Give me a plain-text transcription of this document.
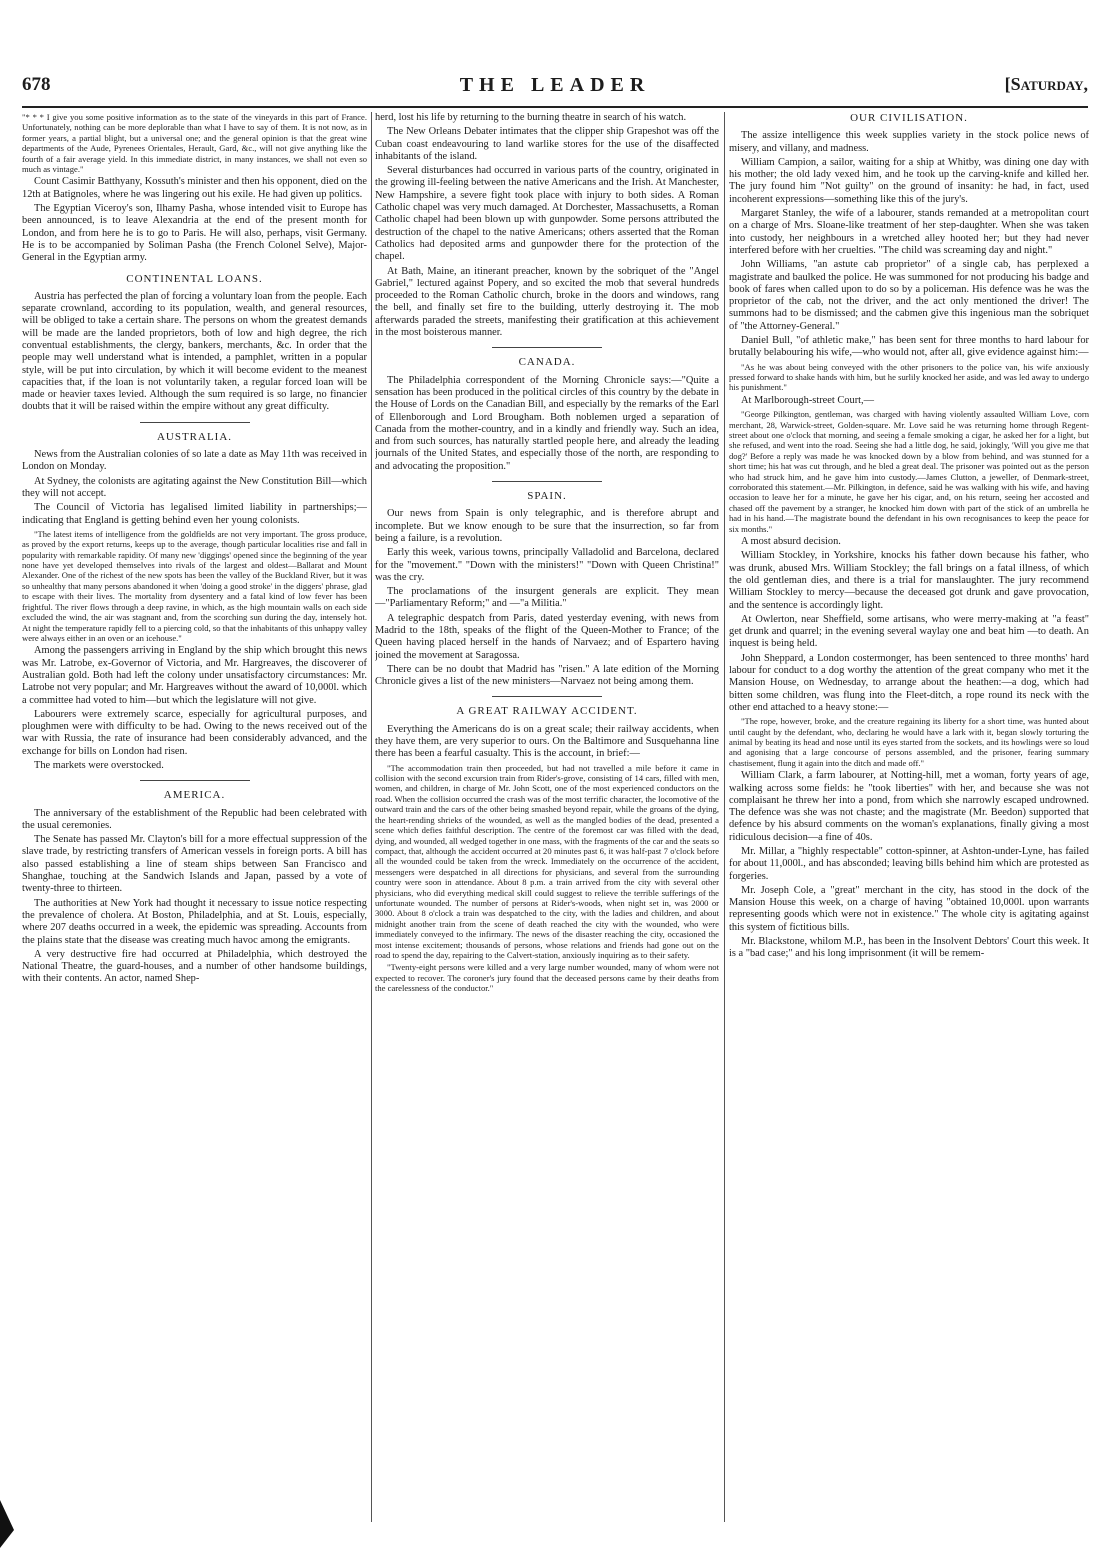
678	THE LEADER	[Saturday,

"* * * I give you some positive information as to the state of the vineyards in this part of France. Unfortunately, nothing can be more deplorable than what I have to say of them. It is not now, as in former years, a partial blight, but a universal one; and the general opinion is that the great wine departments of the Aude, Pyrenees Orientales, Herault, Gard, &c., will not give anything like the fourth of a fair average yield. In this immediate district, in many instances, we shall not even so much as vintage."

Count Casimir Batthyany, Kossuth's minister and then his opponent, died on the 12th at Batignoles, where he was lingering out his exile. He had given up politics.

The Egyptian Viceroy's son, Ilhamy Pasha, whose intended visit to Europe has been announced, is to leave Alexandria at the end of the present month for London, and from here he is to go to Paris. He will also, perhaps, visit Germany. He is to be accompanied by Soliman Pasha (the French Colonel Selve), Major-General in the Egyptian army.

CONTINENTAL LOANS.

Austria has perfected the plan of forcing a voluntary loan from the people. Each separate crownland, according to its population, wealth, and general resources, will be obliged to take a certain share. The persons on whom the greatest demands will be made are the landed proprietors, both of low and high degree, the rich conventual establishments, the clergy, bankers, merchants, &c. In order that the people may well understand what is intended, a pamphlet, written in a popular style, will be put into circulation, by which it will become evident to the meanest capacities that, if the loan is not voluntarily taken, a regular forced loan will be made or heavier taxes levied. Although the sum required is so large, no financier doubts that it will be raised within the empire without any great difficulty.

AUSTRALIA.

News from the Australian colonies of so late a date as May 11th was received in London on Monday.

At Sydney, the colonists are agitating against the New Constitution Bill—which they will not accept.

The Council of Victoria has legalised limited liability in partnerships;—indicating that England is getting behind even her young colonists.

"The latest items of intelligence from the goldfields are not very important. The gross produce, as proved by the export returns, keeps up to the average, though particular localities rise and fall in popularity with remarkable rapidity. Of many new 'diggings' opened since the beginning of the year none have yet developed themselves into rivals of the largest and oldest—Ballarat and Mount Alexander. One of the richest of the new spots has been the valley of the Buckland River, but it was so unhealthy that many persons abandoned it when 'doing a good stroke' in the diggers' phrase, glad to escape with their lives. The mortality from dysentery and a fatal kind of low fever has been frightful. The river flows through a deep ravine, in which, as the high mountain walls on each side excluded the wind, the air was stagnant and, from the scorching sun during the day, intensely hot. At night the temperature rapidly fell to a piercing cold, so that the inhabitants of this unhappy valley were always either in an oven or an icehouse."

Among the passengers arriving in England by the ship which brought this news was Mr. Latrobe, ex-Governor of Victoria, and Mr. Hargreaves, the discoverer of Australian gold. Both had left the colony under unsatisfactory circumstances: Mr. Latrobe not very popular; and Mr. Hargreaves without the award of 10,000l. which a committee had voted to him—but which the legislature will not give.

Labourers were extremely scarce, especially for agricultural purposes, and ploughmen were with difficulty to be had. Owing to the news received out of the war with Russia, the rate of insurance had been considerably advanced, and the exchange for bills on London had risen.

The markets were overstocked.

AMERICA.

The anniversary of the establishment of the Republic had been celebrated with the usual ceremonies.

The Senate has passed Mr. Clayton's bill for a more effectual suppression of the slave trade, by restricting transfers of American vessels in foreign ports. A bill has also passed establishing a line of steam ships between San Francisco and Shanghae, touching at the Sandwich Islands and Japan, passed by a vote of twenty-three to thirteen.

The authorities at New York had thought it necessary to issue notice respecting the prevalence of cholera. At Boston, Philadelphia, and at St. Louis, especially, where 207 deaths occurred in a week, the epidemic was spreading. Accounts from the plains state that the disease was creating much havoc among the emigrants.

A very destructive fire had occurred at Philadelphia, which destroyed the National Theatre, the guard-houses, and a number of other handsome buildings, with their contents. An actor, named Shep-

herd, lost his life by returning to the burning theatre in search of his watch.

The New Orleans Debater intimates that the clipper ship Grapeshot was off the Cuban coast endeavouring to land warlike stores for the use of the disaffected inhabitants of the island.

Several disturbances had occurred in various parts of the country, originated in the growing ill-feeling between the native Americans and the Irish. At Manchester, New Hampshire, a severe fight took place with injury to both sides. A Roman Catholic chapel was very much damaged. At Dorchester, Massachusetts, a Roman Catholic chapel had been blown up with gunpowder. Some persons attributed the destruction of the chapel to the native Americans; others asserted that the Roman Catholics had deposited arms and gunpowder there for the protection of the chapel.

At Bath, Maine, an itinerant preacher, known by the sobriquet of the "Angel Gabriel," lectured against Popery, and so excited the mob that several hundreds proceeded to the Roman Catholic church, broke in the doors and windows, rang the bell, and finally set fire to the building, utterly destroying it. The mob afterwards paraded the streets, manifesting their gratification at this achievement in the most boisterous manner.

CANADA.

The Philadelphia correspondent of the Morning Chronicle says:—"Quite a sensation has been produced in the political circles of this country by the debate in the House of Lords on the Canadian Bill, and especially by the remarks of the Earl of Ellenborough and Lord Brougham. Both noblemen urged a separation of Canada from the mother-country, and in a kindly and friendly way. Such an idea, and from such sources, has naturally startled people here, and already the leading journals of the United States, and especially those of the north, are responding to and advocating the proposition."

SPAIN.

Our news from Spain is only telegraphic, and is therefore abrupt and incomplete. But we know enough to be sure that the insurrection, so far from being a failure, is a revolution.

Early this week, various towns, principally Valladolid and Barcelona, declared for the "movement." "Down with the ministers!" "Down with Queen Christina!" was the cry.

The proclamations of the insurgent generals are explicit. They mean—"Parliamentary Reform;" and —"a Militia."

A telegraphic despatch from Paris, dated yesterday evening, with news from Madrid to the 18th, speaks of the flight of the Queen-Mother to France; of the Queen having placed herself in the hands of Narvaez; and of Espartero having joined the movement at Saragossa.

There can be no doubt that Madrid has "risen." A late edition of the Morning Chronicle gives a list of the new ministers—Narvaez not being among them.

A GREAT RAILWAY ACCIDENT.

Everything the Americans do is on a great scale; their railway accidents, when they have them, are very superior to ours. On the Baltimore and Susquehanna line there has been a fearful casualty. This is the account, in brief:—

"The accommodation train then proceeded, but had not travelled a mile before it came in collision with the second excursion train from Rider's-grove, consisting of 14 cars, filled with men, women, and children, in charge of Mr. John Scott, one of the most experienced conductors on the road. When the collision occurred the crash was of the most terrific character, the locomotive of the outward train and the cars of the other being smashed beyond repair, while the groans of the dying, the heart-rending shrieks of the wounded, as well as the mangled bodies of the dead, presented a scene which defies faithful description. The centre of the foremost car was filled with the dead, dying, and wounded, all wedged together in one mass, with the fragments of the car and the seats so compact, that, although the accident occurred at 20 minutes past 6, it was half-past 7 o'clock before all the wounded could be taken from the wreck. Immediately on the occurrence of the accident, messengers were despatched in all directions for physicians, and several from the surrounding country were soon in attendance. About 8 p.m. a train arrived from the city with several other physicians, who did everything medical skill could suggest to relieve the terrible sufferings of the unfortunate wounded. The number of persons at Rider's-woods, when night set in, was 2000 or 3000. About 8 o'clock a train was despatched to the city, with the ladies and children, and about midnight another train from the scene of death reached the city with the wounded, who were immediately conveyed to the infirmary. The news of the disaster reaching the city, occasioned the most intense excitement; thousands of persons, whose relations and friends had gone out on the road to spend the day, repairing to the Calvert-station, anxiously inquiring as to their safety.

"Twenty-eight persons were killed and a very large number wounded, many of whom were not expected to recover. The coroner's jury found that the deceased persons came by their deaths from the carelessness of the conductor."

OUR CIVILISATION.

The assize intelligence this week supplies variety in the stock police news of misery, and villany, and madness.

William Campion, a sailor, waiting for a ship at Whitby, was dining one day with his mother; the old lady vexed him, and he took up the carving-knife and killed her. The jury found him "Not guilty" on the ground of insanity: he had, in fact, used incoherent expressions—something like this of the jury's.

Margaret Stanley, the wife of a labourer, stands remanded at a metropolitan court on a charge of Mrs. Sloane-like treatment of her step-daughter. When she was taken into custody, her neighbours in a wretched alley hooted her; but they had never interfered before with her cruelties. "The child was screaming day and night."

John Williams, "an astute cab proprietor" of a single cab, has perplexed a magistrate and baulked the police. He was summoned for not producing his badge and book of fares when called upon to do so by a policeman. His defence was he was the proprietor of the cab, not the driver, and the act only mentioned the driver! The summons had to be dismissed; and the cabmen give this ingenious man the sobriquet of "the Attorney-General."

Daniel Bull, "of athletic make," has been sent for three months to hard labour for brutally belabouring his wife,—who would not, after all, give evidence against him:—

"As he was about being conveyed with the other prisoners to the police van, his wife anxiously pressed forward to shake hands with him, but he surlily knocked her aside, and was led away to undergo his punishment."

At Marlborough-street Court,—

"George Pilkington, gentleman, was charged with having violently assaulted William Love, corn merchant, 28, Warwick-street, Golden-square. Mr. Love said he was returning home through Regent-street about one o'clock that morning, and seeing a female smoking a cigar, he asked her for a light, but she refused, and went into the road. Seeing she had a little dog, he said, jokingly, 'Will you give me that dog?' Before a reply was made he was knocked down by a blow from behind, and was stunned for a short time; his hat was cut through, and he bled a great deal. The prisoner was pointed out as the person who had struck him, and he gave him into custody.—James Clutton, a jeweller, of Denmark-street, corroborated this statement.—Mr. Pilkington, in defence, said he was walking with his wife, and having occasion to leave her for a minute, he gave her his cigar, and, on his return, seeing her accosted and chased off the pavement by a stranger, he knocked him down with part of the stick of an umbrella he had in his hand.—The magistrate bound the defendant in his own recognisances to keep the peace for six months."

A most absurd decision.

William Stockley, in Yorkshire, knocks his father down because his father, who was drunk, abused Mrs. William Stockley; the fall brings on a fatal illness, of which the old gentleman dies, and there is a trial for manslaughter. The jury recommend William Stockley to mercy—because the deceased got drunk and gave provocation, and the sentence is accordingly light.

At Owlerton, near Sheffield, some artisans, who were merry-making at "a feast" get drunk and quarrel; in the evening several waylay one and beat him —to death. An inquest is being held.

John Sheppard, a London costermonger, has been sentenced to three months' hard labour for conduct to a dog worthy the attention of the great company who met it the Mansion House, on Wednesday, to arrange about the heathen:—a dog, which had bitten some children, was flung into the Fleet-ditch, a rope round its neck with the other end attached to a heavy stone:—

"The rope, however, broke, and the creature regaining its liberty for a short time, was hunted about until caught by the defendant, who, declaring he would have a lark with it, began slowly torturing the animal by beating its head and nose until its eyes started from the sockets, and its howlings were so loud and agonising that a large concourse of persons assembled, and the prisoner, fearing summary chastisement, flung it again into the ditch and made off."

William Clark, a farm labourer, at Notting-hill, met a woman, forty years of age, walking across some fields: he "took liberties" with her, and because she was not complaisant he threw her into a pond, from which she narrowly escaped undrowned. The defence was she was not chaste; and the magistrate (Mr. Beedon) supported that defence by his absurd comments on the woman's explanations, finally giving a most ridiculous decision—a fine of 40s.

Mr. Millar, a "highly respectable" cotton-spinner, at Ashton-under-Lyne, has failed for about 11,000l., and has absconded; leaving bills behind him which are protested as forgeries.

Mr. Joseph Cole, a "great" merchant in the city, has stood in the dock of the Mansion House this week, on a charge of having "obtained 10,000l. upon warrants representing goods which were not in existence." The whole city is agitating against this system of fictitious bills.

Mr. Blackstone, whilom M.P., has been in the Insolvent Debtors' Court this week. It is a "bad case;" and his long imprisonment (it will be remem-
